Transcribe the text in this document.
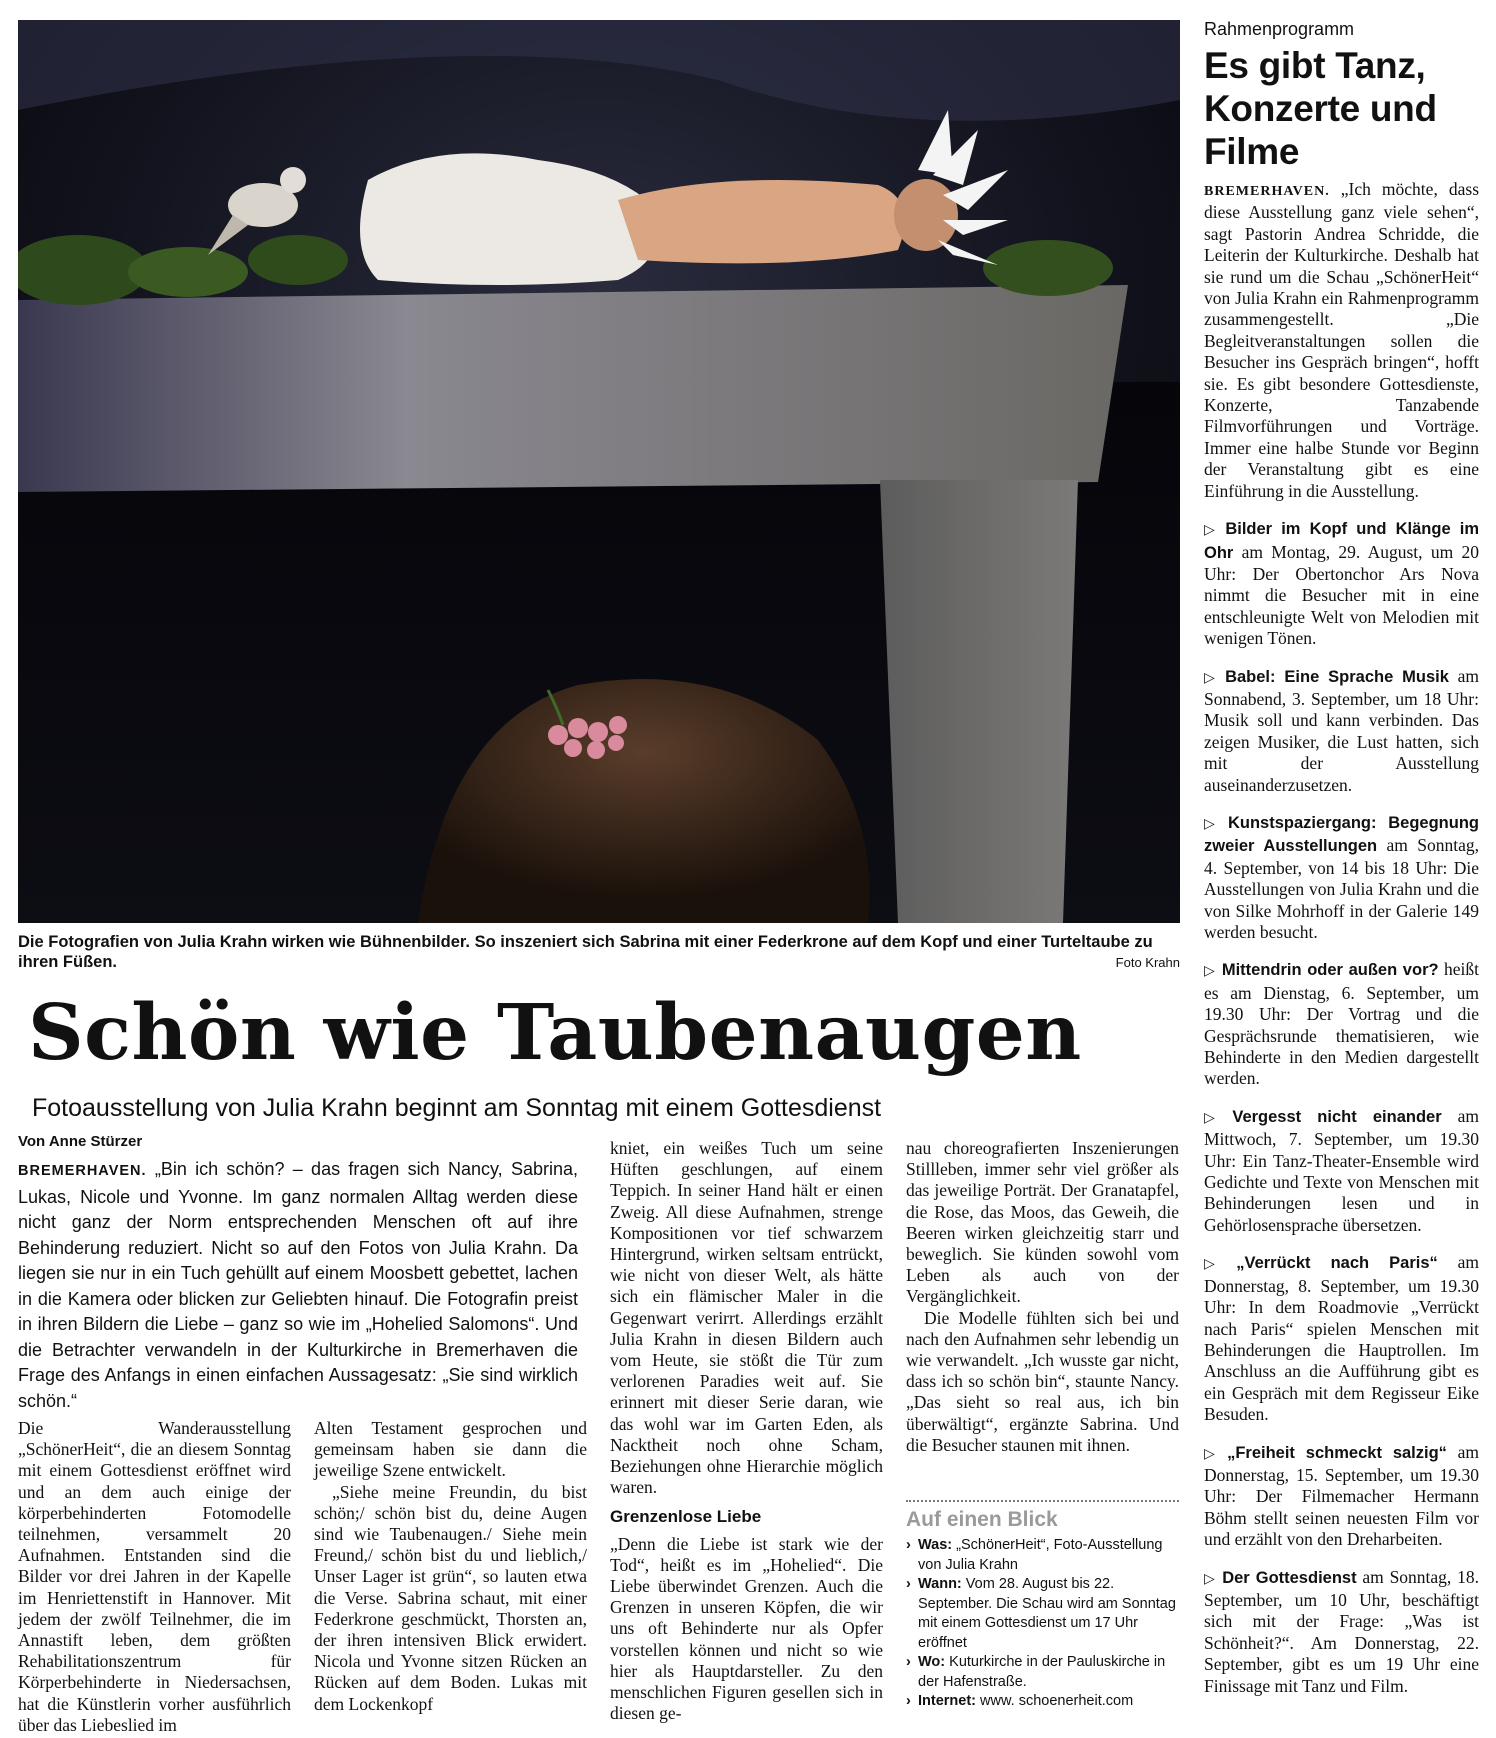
Die Fotografien von Julia Krahn wirken wie Bühnenbilder. So inszeniert sich Sabrina mit einer Federkrone auf dem Kopf und einer Turteltaube zu ihren Füßen.	Foto Krahn
Schön wie Taubenaugen
Fotoausstellung von Julia Krahn beginnt am Sonntag mit einem Gottesdienst
Von Anne Stürzer
BREMERHAVEN. „Bin ich schön? – das fragen sich Nancy, Sabrina, Lukas, Nicole und Yvonne. Im ganz normalen Alltag werden diese nicht ganz der Norm entsprechenden Menschen oft auf ihre Behinderung reduziert. Nicht so auf den Fotos von Julia Krahn. Da liegen sie nur in ein Tuch gehüllt auf einem Moosbett gebettet, lachen in die Kamera oder blicken zur Geliebten hinauf. Die Fotografin preist in ihren Bildern die Liebe – ganz so wie im „Hohelied Salomons“. Und die Betrachter verwandeln in der Kulturkirche in Bremerhaven die Frage des Anfangs in einen einfachen Aussagesatz: „Sie sind wirklich schön.“

Die Wanderausstellung „SchönerHeit“, die an diesem Sonntag mit einem Gottesdienst eröffnet wird und an dem auch einige der körperbehinderten Fotomodelle teilnehmen, versammelt 20 Aufnahmen. Entstanden sind die Bilder vor drei Jahren in der Kapelle im Henriettenstift in Hannover. Mit jedem der zwölf Teilnehmer, die im Annastift leben, dem größten Rehabilitationszentrum für Körperbehinderte in Niedersachsen, hat die Künstlerin vorher ausführlich über das Liebeslied im

Alten Testament gesprochen und gemeinsam haben sie dann die jeweilige Szene entwickelt.

„Siehe meine Freundin, du bist schön;/ schön bist du, deine Augen sind wie Taubenaugen./ Siehe mein Freund,/ schön bist du und lieblich,/ Unser Lager ist grün“, so lauten etwa die Verse. Sabrina schaut, mit einer Federkrone geschmückt, Thorsten an, der ihren intensiven Blick erwidert. Nicola und Yvonne sitzen Rücken an Rücken auf dem Boden. Lukas mit dem Lockenkopf

kniet, ein weißes Tuch um seine Hüften geschlungen, auf einem Teppich. In seiner Hand hält er einen Zweig. All diese Aufnahmen, strenge Kompositionen vor tief schwarzem Hintergrund, wirken seltsam entrückt, wie nicht von dieser Welt, als hätte sich ein flämischer Maler in die Gegenwart verirrt. Allerdings erzählt Julia Krahn in diesen Bildern auch vom Heute, sie stößt die Tür zum verlorenen Paradies weit auf. Sie erinnert mit dieser Serie daran, wie das wohl war im Garten Eden, als Nacktheit noch ohne Scham, Beziehungen ohne Hierarchie möglich waren.

Grenzenlose Liebe

„Denn die Liebe ist stark wie der Tod“, heißt es im „Hohelied“. Die Liebe überwindet Grenzen. Auch die Grenzen in unseren Köpfen, die wir uns oft Behinderte nur als Opfer vorstellen können und nicht so wie hier als Hauptdarsteller. Zu den menschlichen Figuren gesellen sich in diesen ge-

nau choreografierten Inszenierungen Stillleben, immer sehr viel größer als das jeweilige Porträt. Der Granatapfel, die Rose, das Moos, das Geweih, die Beeren wirken gleichzeitig starr und beweglich. Sie künden sowohl vom Leben als auch von der Vergänglichkeit.

Die Modelle fühlten sich bei und nach den Aufnahmen sehr lebendig un wie verwandelt. „Ich wusste gar nicht, dass ich so schön bin“, staunte Nancy. „Das sieht so real aus, ich bin überwältigt“, ergänzte Sabrina. Und die Besucher staunen mit ihnen.

Auf einen Blick
› Was: „SchönerHeit“, Foto-Ausstellung von Julia Krahn
› Wann: Vom 28. August bis 22. September. Die Schau wird am Sonntag mit einem Gottesdienst um 17 Uhr eröffnet
› Wo: Kuturkirche in der Pauluskirche in der Hafenstraße.
› Internet: www. schoenerheit.com
Rahmenprogramm
Es gibt Tanz, Konzerte und Filme
BREMERHAVEN. „Ich möchte, dass diese Ausstellung ganz viele sehen“, sagt Pastorin Andrea Schridde, die Leiterin der Kulturkirche. Deshalb hat sie rund um die Schau „SchönerHeit“ von Julia Krahn ein Rahmenprogramm zusammengestellt. „Die Begleitveranstaltungen sollen die Besucher ins Gespräch bringen“, hofft sie. Es gibt besondere Gottesdienste, Konzerte, Tanzabende Filmvorführungen und Vorträge. Immer eine halbe Stunde vor Beginn der Veranstaltung gibt es eine Einführung in die Ausstellung.
▷ Bilder im Kopf und Klänge im Ohr am Montag, 29. August, um 20 Uhr: Der Obertonchor Ars Nova nimmt die Besucher mit in eine entschleunigte Welt von Melodien mit wenigen Tönen.
▷ Babel: Eine Sprache Musik am Sonnabend, 3. September, um 18 Uhr: Musik soll und kann verbinden. Das zeigen Musiker, die Lust hatten, sich mit der Ausstellung auseinanderzusetzen.
▷ Kunstspaziergang: Begegnung zweier Ausstellungen am Sonntag, 4. September, von 14 bis 18 Uhr: Die Ausstellungen von Julia Krahn und die von Silke Mohrhoff in der Galerie 149 werden besucht.
▷ Mittendrin oder außen vor? heißt es am Dienstag, 6. September, um 19.30 Uhr: Der Vortrag und die Gesprächsrunde thematisieren, wie Behinderte in den Medien dargestellt werden.
▷ Vergesst nicht einander am Mittwoch, 7. September, um 19.30 Uhr: Ein Tanz-Theater-Ensemble wird Gedichte und Texte von Menschen mit Behinderungen lesen und in Gehörlosensprache übersetzen.
▷ „Verrückt nach Paris“ am Donnerstag, 8. September, um 19.30 Uhr: In dem Roadmovie „Verrückt nach Paris“ spielen Menschen mit Behinderungen die Hauptrollen. Im Anschluss an die Aufführung gibt es ein Gespräch mit dem Regisseur Eike Besuden.
▷ „Freiheit schmeckt salzig“ am Donnerstag, 15. September, um 19.30 Uhr: Der Filmemacher Hermann Böhm stellt seinen neuesten Film vor und erzählt von den Dreharbeiten.
▷ Der Gottesdienst am Sonntag, 18. September, um 10 Uhr, beschäftigt sich mit der Frage: „Was ist Schönheit?“. Am Donnerstag, 22. September, gibt es um 19 Uhr eine Finissage mit Tanz und Film.
